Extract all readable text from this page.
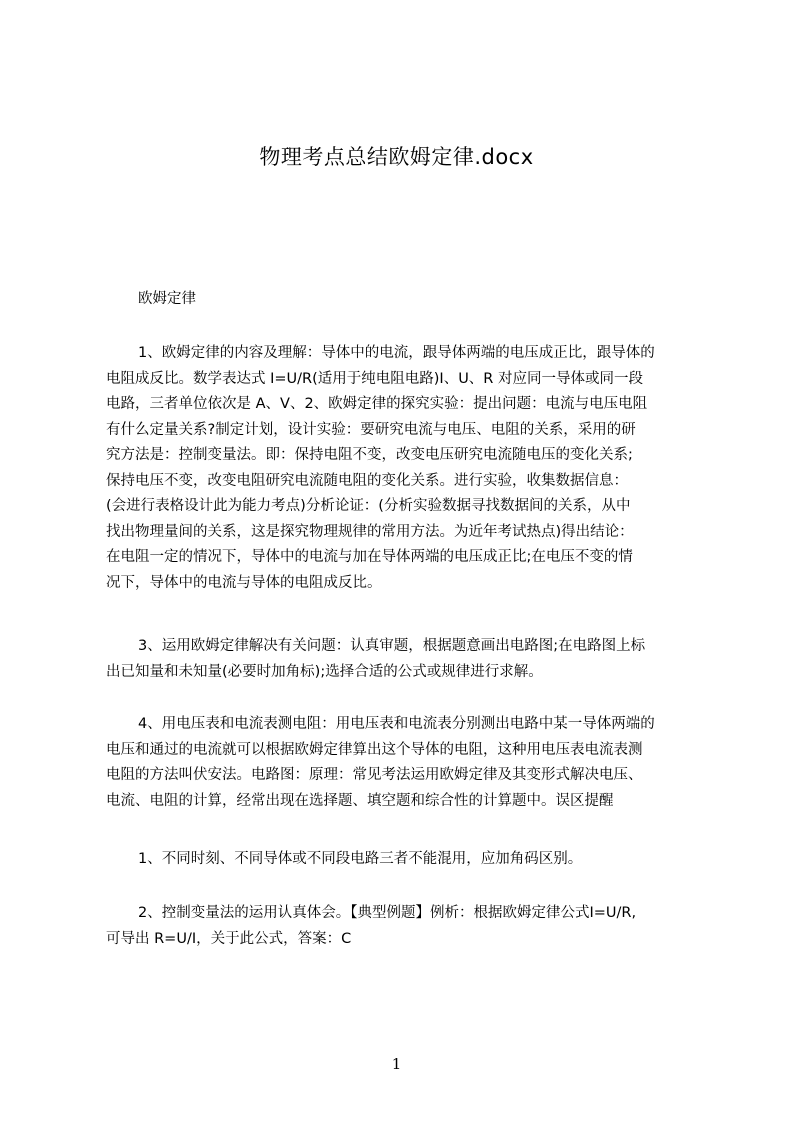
物理考点总结欧姆定律.docx
欧姆定律
1、欧姆定律的内容及理解：导体中的电流，跟导体两端的电压成正比，跟导体的
电阻成反比。数学表达式 I=U/R(适用于纯电阻电路)I、U、R 对应同一导体或同一段
电路，三者单位依次是 A、V、2、欧姆定律的探究实验：提出问题：电流与电压电阻
有什么定量关系?制定计划，设计实验：要研究电流与电压、电阻的关系，采用的研
究方法是：控制变量法。即：保持电阻不变，改变电压研究电流随电压的变化关系;
保持电压不变，改变电阻研究电流随电阻的变化关系。进行实验，收集数据信息：
(会进行表格设计此为能力考点)分析论证：(分析实验数据寻找数据间的关系，从中
找出物理量间的关系，这是探究物理规律的常用方法。为近年考试热点)得出结论：
在电阻一定的情况下，导体中的电流与加在导体两端的电压成正比;在电压不变的情
况下，导体中的电流与导体的电阻成反比。
3、运用欧姆定律解决有关问题：认真审题，根据题意画出电路图;在电路图上标
出已知量和未知量(必要时加角标);选择合适的公式或规律进行求解。
4、用电压表和电流表测电阻：用电压表和电流表分别测出电路中某一导体两端的
电压和通过的电流就可以根据欧姆定律算出这个导体的电阻，这种用电压表电流表测
电阻的方法叫伏安法。电路图：原理：常见考法运用欧姆定律及其变形式解决电压、
电流、电阻的计算，经常出现在选择题、填空题和综合性的计算题中。误区提醒
1、不同时刻、不同导体或不同段电路三者不能混用，应加角码区别。
2、控制变量法的运用认真体会。【典型例题】例析：根据欧姆定律公式I=U/R,
可导出 R=U/I，关于此公式，答案：C
1
